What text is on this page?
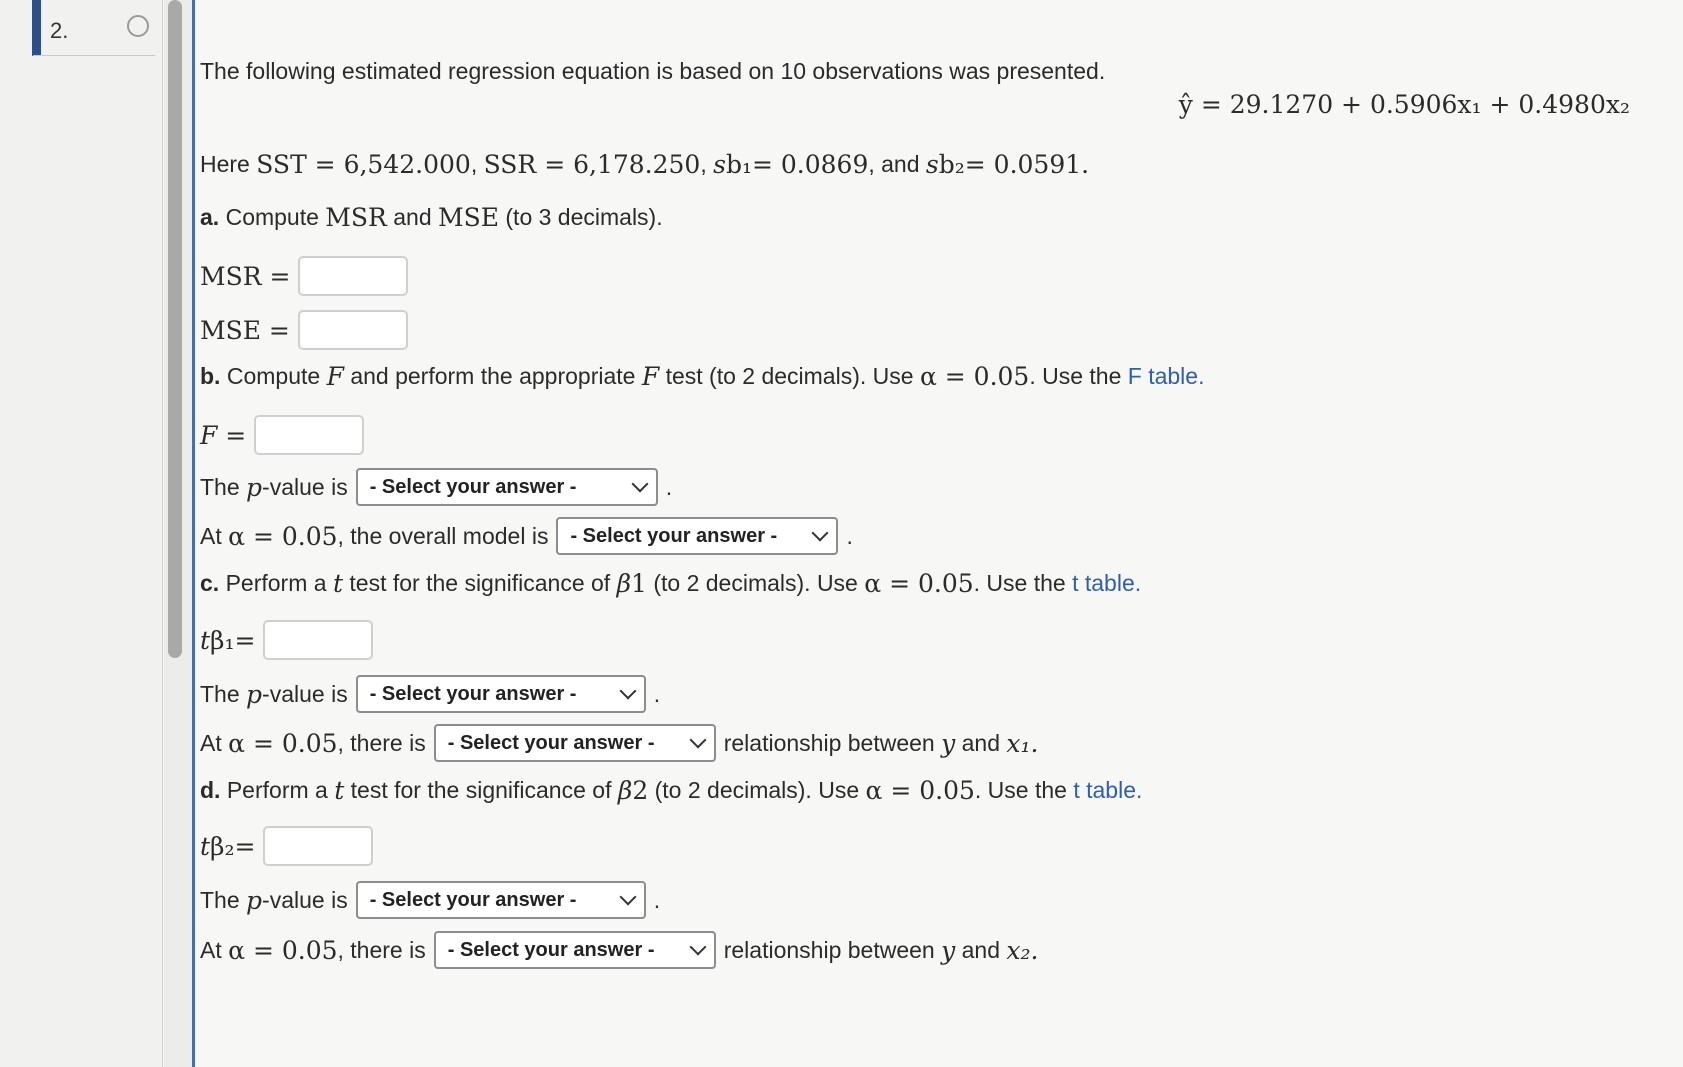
2.
The following estimated regression equation is based on 10 observations was presented.
ŷ = 29.1270 + 0.5906x₁ + 0.4980x₂
Here
SST = 6,542.000 , SSR = 6,178.250 , s b₁ = 0.0869 , and
s b₂ = 0.0591.
a.
Compute
MSR
and
MSE
(to 3 decimals).
MSR =
MSE =
b.
Compute
F
and perform the appropriate
F
test (to 2 decimals). Use
α = 0.05 . Use the
F table.
F =
The
p -value is - Select your answer -	.
At
α = 0.05 , the overall model is - Select your answer -	.
c.
Perform a
t
test for the significance of
β 1
(to 2 decimals). Use
α = 0.05 . Use the
t table.
t β₁ =
The
p -value is - Select your answer -	.
At
α = 0.05 , there is - Select your answer -	relationship between
y and x₁.
d.
Perform a
t
test for the significance of
β 2
(to 2 decimals). Use
α = 0.05 . Use the
t table.
t β₂ =
The
p -value is - Select your answer -	.
At
α = 0.05 , there is - Select your answer -	relationship between
y and x₂.
